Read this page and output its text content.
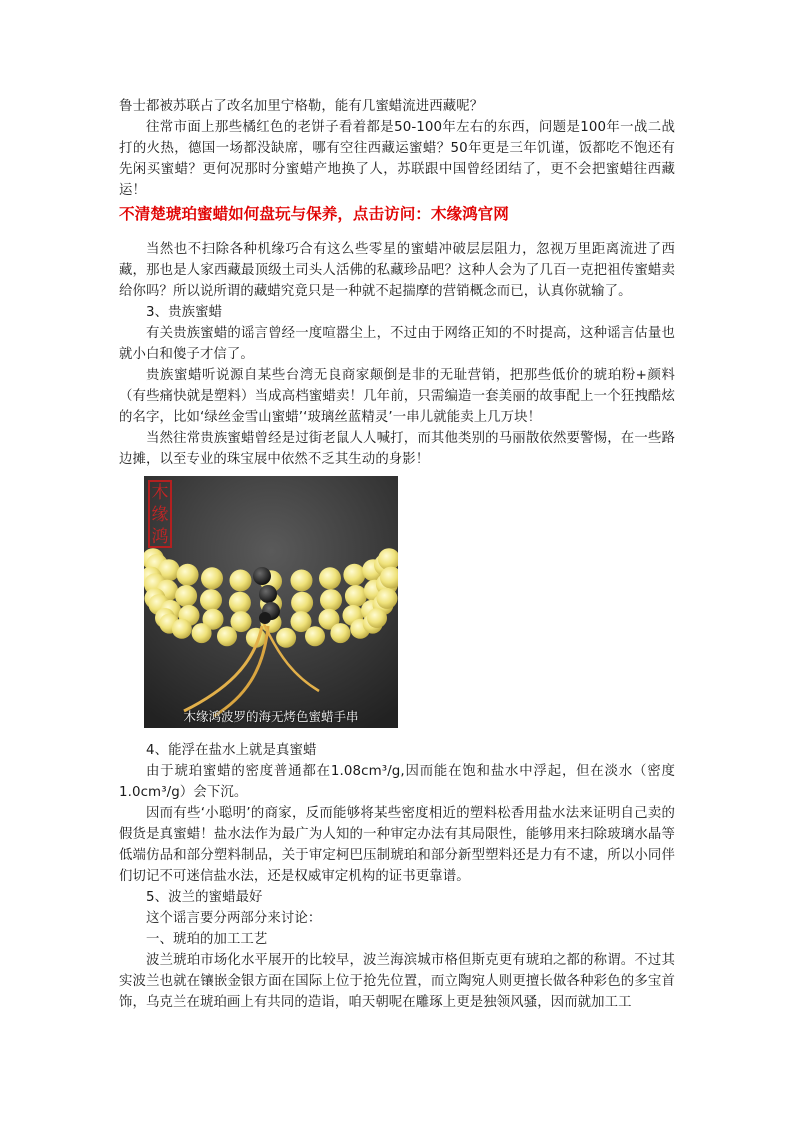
鲁士都被苏联占了改名加里宁格勒，能有几蜜蜡流进西藏呢？

往常市面上那些橘红色的老饼子看着都是50-100年左右的东西，问题是100年一战二战打的火热，德国一场都没缺席，哪有空往西藏运蜜蜡？50年更是三年饥谨，饭都吃不饱还有先闲买蜜蜡？更何况那时分蜜蜡产地换了人，苏联跟中国曾经团结了，更不会把蜜蜡往西藏运！

不清楚琥珀蜜蜡如何盘玩与保养，点击访问：木缘鸿官网

当然也不扫除各种机缘巧合有这么些零星的蜜蜡冲破层层阻力，忽视万里距离流进了西藏，那也是人家西藏最顶级土司头人活佛的私藏珍品吧？这种人会为了几百一克把祖传蜜蜡卖给你吗？所以说所谓的藏蜡究竟只是一种就不起揣摩的营销概念而已，认真你就输了。

3、贵族蜜蜡

有关贵族蜜蜡的谣言曾经一度喧嚣尘上，不过由于网络正知的不时提高，这种谣言估量也就小白和傻子才信了。

贵族蜜蜡听说源自某些台湾无良商家颠倒是非的无耻营销，把那些低价的琥珀粉+颜料（有些痛快就是塑料）当成高档蜜蜡卖！几年前，只需编造一套美丽的故事配上一个狂拽酷炫的名字，比如‘绿丝金雪山蜜蜡’‘玻璃丝蓝精灵’一串儿就能卖上几万块！

当然往常贵族蜜蜡曾经是过街老鼠人人喊打，而其他类别的马丽散依然要警惕，在一些路边摊，以至专业的珠宝展中依然不乏其生动的身影！

木
缘
鸿
木缘鸿波罗的海无烤色蜜蜡手串

4、能浮在盐水上就是真蜜蜡

由于琥珀蜜蜡的密度普通都在1.08cm³/g,因而能在饱和盐水中浮起，但在淡水（密度1.0cm³/g）会下沉。

因而有些‘小聪明’的商家，反而能够将某些密度相近的塑料松香用盐水法来证明自己卖的假货是真蜜蜡！盐水法作为最广为人知的一种审定办法有其局限性，能够用来扫除玻璃水晶等低端仿品和部分塑料制品，关于审定柯巴压制琥珀和部分新型塑料还是力有不逮，所以小同伴们切记不可迷信盐水法，还是权威审定机构的证书更靠谱。

5、波兰的蜜蜡最好

这个谣言要分两部分来讨论：

一、琥珀的加工工艺

波兰琥珀市场化水平展开的比较早，波兰海滨城市格但斯克更有琥珀之都的称谓。不过其实波兰也就在镶嵌金银方面在国际上位于抢先位置，而立陶宛人则更擅长做各种彩色的多宝首饰，乌克兰在琥珀画上有共同的造诣，咱天朝呢在雕琢上更是独领风骚，因而就加工工
